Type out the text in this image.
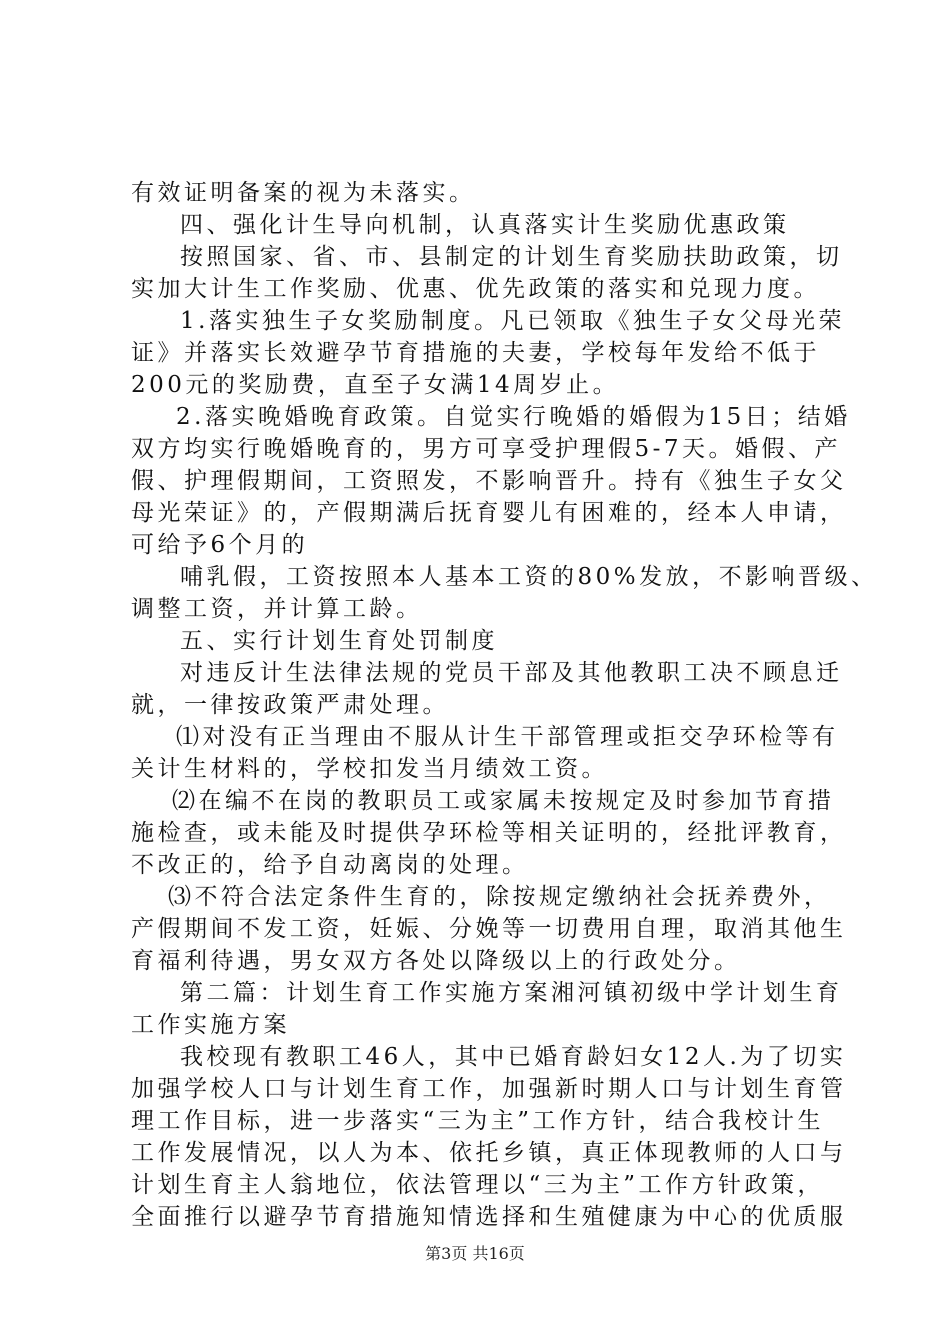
有效证明备案的视为未落实。

四、强化计生导向机制，认真落实计生奖励优惠政策

按照国家、省、市、县制定的计划生育奖励扶助政策，切

实加大计生工作奖励、优惠、优先政策的落实和兑现力度。

1.落实独生子女奖励制度。凡已领取《独生子女父母光荣

证》并落实长效避孕节育措施的夫妻，学校每年发给不低于

200元的奖励费，直至子女满14周岁止。

2.落实晚婚晚育政策。自觉实行晚婚的婚假为15日；结婚

双方均实行晚婚晚育的，男方可享受护理假5-7天。婚假、产

假、护理假期间，工资照发，不影响晋升。持有《独生子女父

母光荣证》的，产假期满后抚育婴儿有困难的，经本人申请，

可给予6个月的

哺乳假，工资按照本人基本工资的80%发放，不影响晋级、

调整工资，并计算工龄。

五、实行计划生育处罚制度

对违反计生法律法规的党员干部及其他教职工决不顾息迁

就，一律按政策严肃处理。

⑴对没有正当理由不服从计生干部管理或拒交孕环检等有

关计生材料的，学校扣发当月绩效工资。

⑵在编不在岗的教职员工或家属未按规定及时参加节育措

施检查，或未能及时提供孕环检等相关证明的，经批评教育，

不改正的，给予自动离岗的处理。

⑶不符合法定条件生育的，除按规定缴纳社会抚养费外，

产假期间不发工资，妊娠、分娩等一切费用自理，取消其他生

育福利待遇，男女双方各处以降级以上的行政处分。

第二篇：计划生育工作实施方案湘河镇初级中学计划生育

工作实施方案

我校现有教职工46人，其中已婚育龄妇女12人.为了切实

加强学校人口与计划生育工作，加强新时期人口与计划生育管

理工作目标，进一步落实“三为主”工作方针，结合我校计生

工作发展情况，以人为本、依托乡镇，真正体现教师的人口与

计划生育主人翁地位，依法管理以“三为主”工作方针政策，

全面推行以避孕节育措施知情选择和生殖健康为中心的优质服

第3页 共16页
